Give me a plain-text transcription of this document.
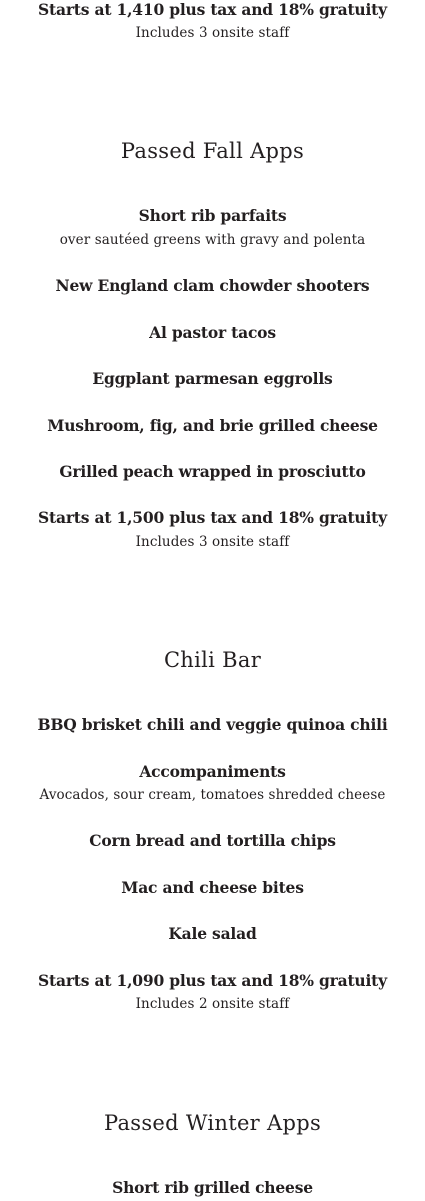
Starts at 1,410 plus tax and 18% gratuity
Includes 3 onsite staff
Passed Fall Apps
Short rib parfaits
over sautéed greens with gravy and polenta
New England clam chowder shooters
Al pastor tacos
Eggplant parmesan eggrolls
Mushroom, fig, and brie grilled cheese
Grilled peach wrapped in prosciutto
Starts at 1,500 plus tax and 18% gratuity
Includes 3 onsite staff
Chili Bar
BBQ brisket chili and veggie quinoa chili
Accompaniments
Avocados, sour cream, tomatoes shredded cheese
Corn bread and tortilla chips
Mac and cheese bites
Kale salad
Starts at 1,090 plus tax and 18% gratuity
Includes 2 onsite staff
Passed Winter Apps
Short rib grilled cheese
